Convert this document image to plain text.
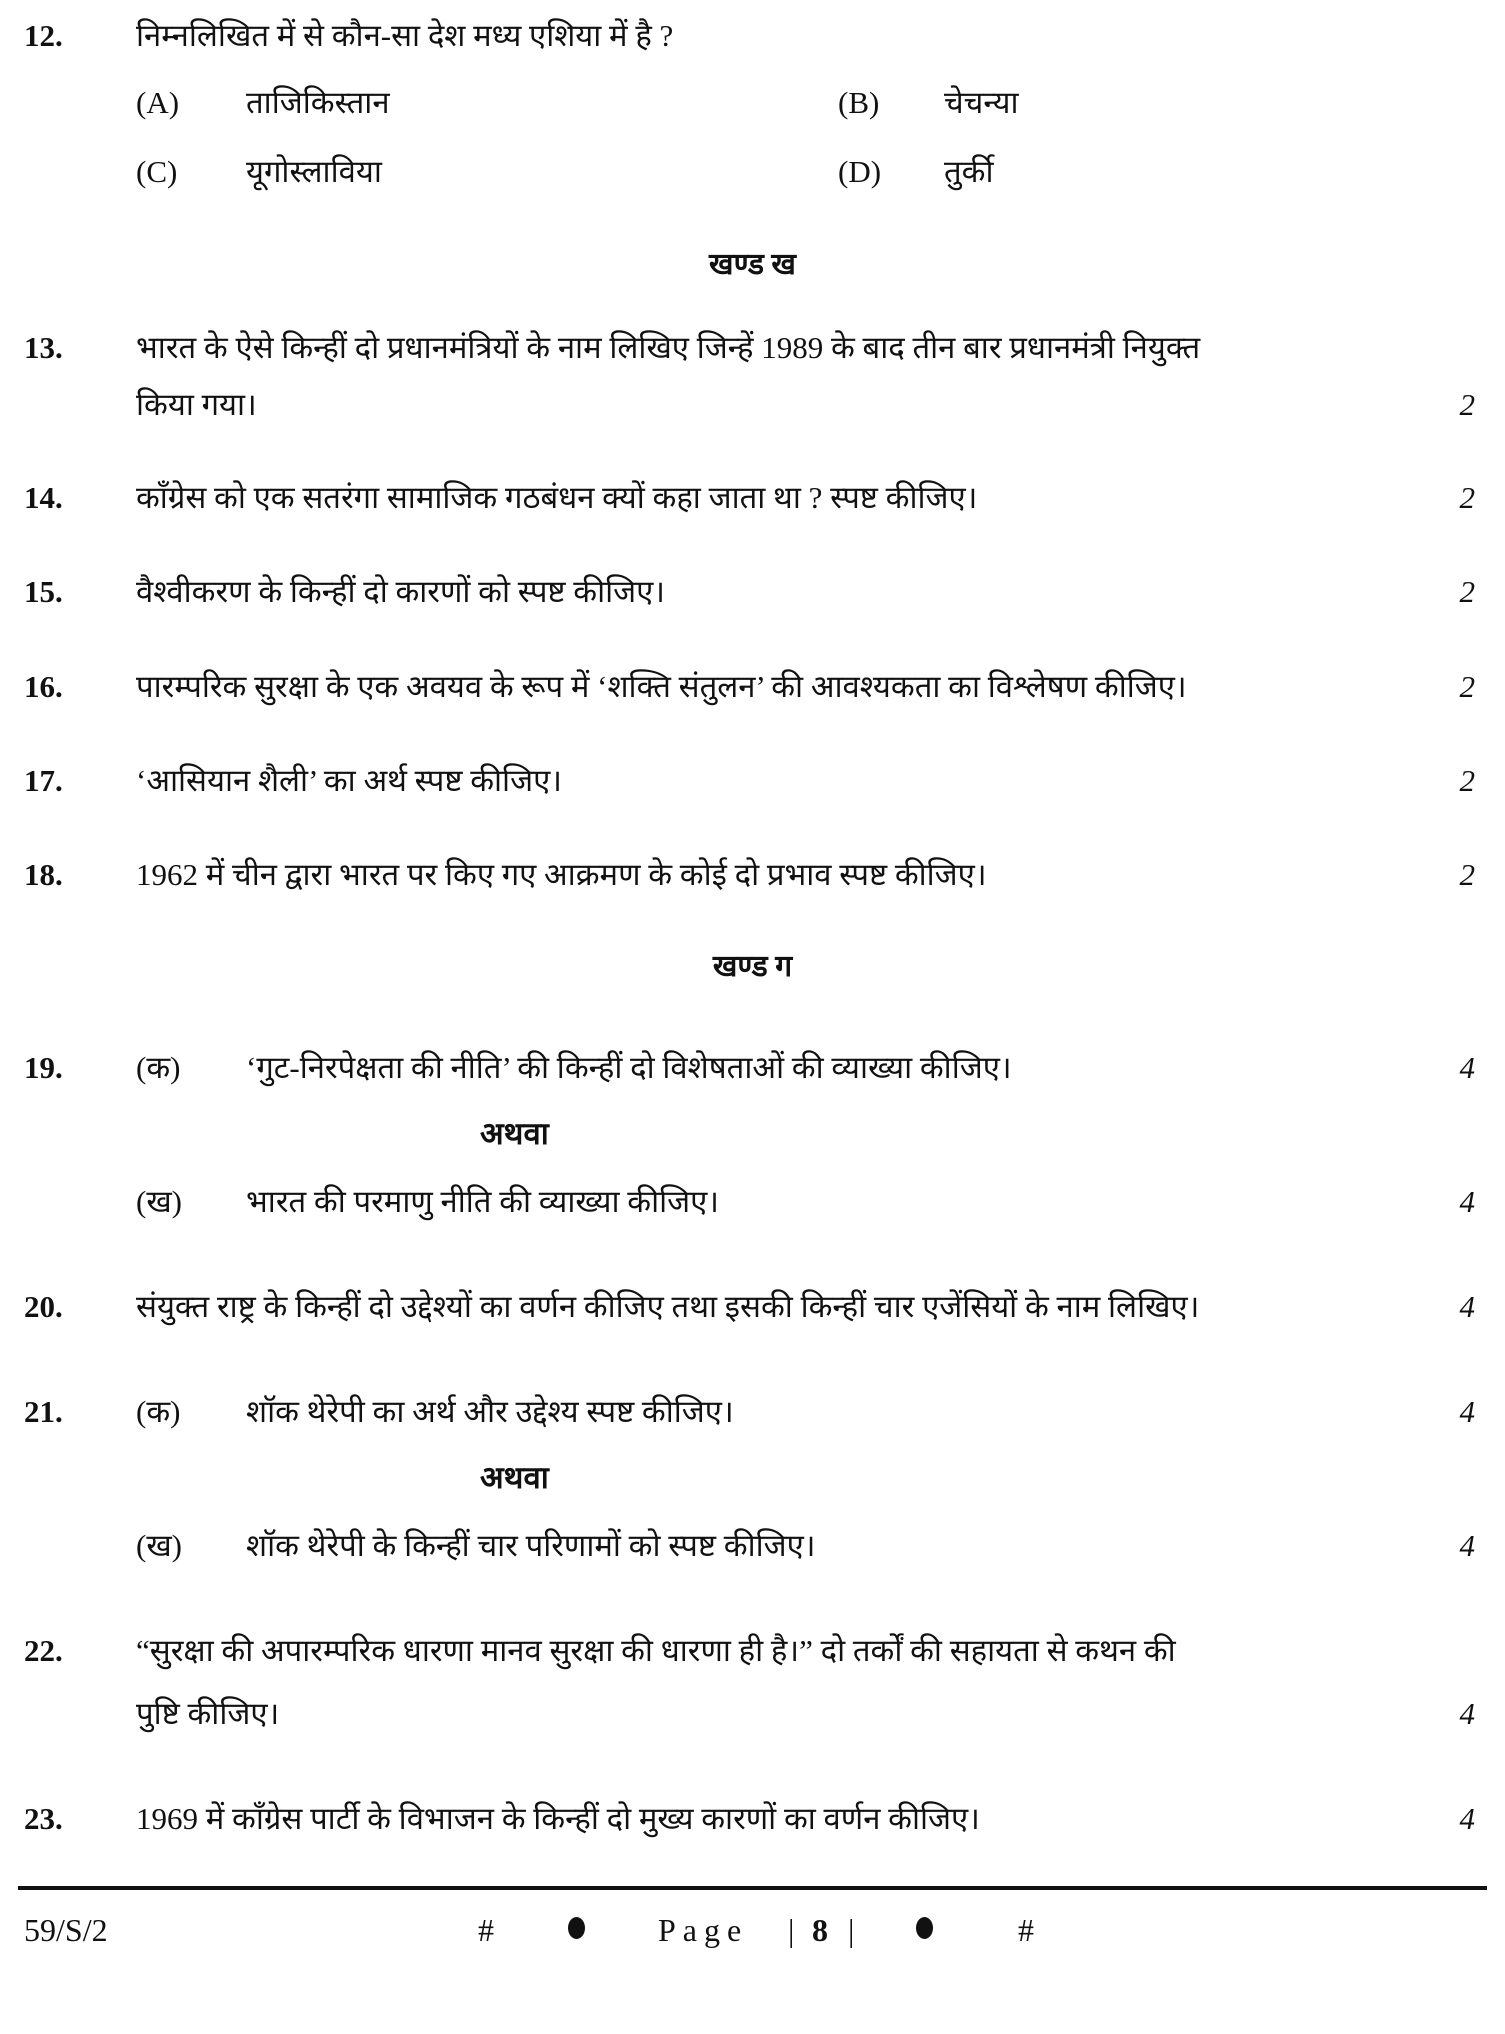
12. निम्नलिखित में से कौन-सा देश मध्य एशिया में है ?
(A) ताजिकिस्तान	(B) चेचन्या
(C) यूगोस्लाविया	(D) तुर्की
खण्ड ख
13. भारत के ऐसे किन्हीं दो प्रधानमंत्रियों के नाम लिखिए जिन्हें 1989 के बाद तीन बार प्रधानमंत्री नियुक्त
किया गया।	2
14. काँग्रेस को एक सतरंगा सामाजिक गठबंधन क्यों कहा जाता था ? स्पष्ट कीजिए।	2
15. वैश्वीकरण के किन्हीं दो कारणों को स्पष्ट कीजिए।	2
16. पारम्परिक सुरक्षा के एक अवयव के रूप में ‘शक्ति संतुलन’ की आवश्यकता का विश्लेषण कीजिए।	2
17. ‘आसियान शैली’ का अर्थ स्पष्ट कीजिए।	2
18. 1962 में चीन द्वारा भारत पर किए गए आक्रमण के कोई दो प्रभाव स्पष्ट कीजिए।	2
खण्ड ग
19. (क) ‘गुट-निरपेक्षता की नीति’ की किन्हीं दो विशेषताओं की व्याख्या कीजिए।	4
अथवा
(ख) भारत की परमाणु नीति की व्याख्या कीजिए।	4
20. संयुक्त राष्ट्र के किन्हीं दो उद्देश्यों का वर्णन कीजिए तथा इसकी किन्हीं चार एजेंसियों के नाम लिखिए।	4
21. (क) शॉक थेरेपी का अर्थ और उद्देश्य स्पष्ट कीजिए।	4
अथवा
(ख) शॉक थेरेपी के किन्हीं चार परिणामों को स्पष्ट कीजिए।	4
22. “सुरक्षा की अपारम्परिक धारणा मानव सुरक्षा की धारणा ही है।” दो तर्कों की सहायता से कथन की
पुष्टि कीजिए।	4
23. 1969 में काँग्रेस पार्टी के विभाजन के किन्हीं दो मुख्य कारणों का वर्णन कीजिए।	4
59/S/2	#	Page | 8 |	#
